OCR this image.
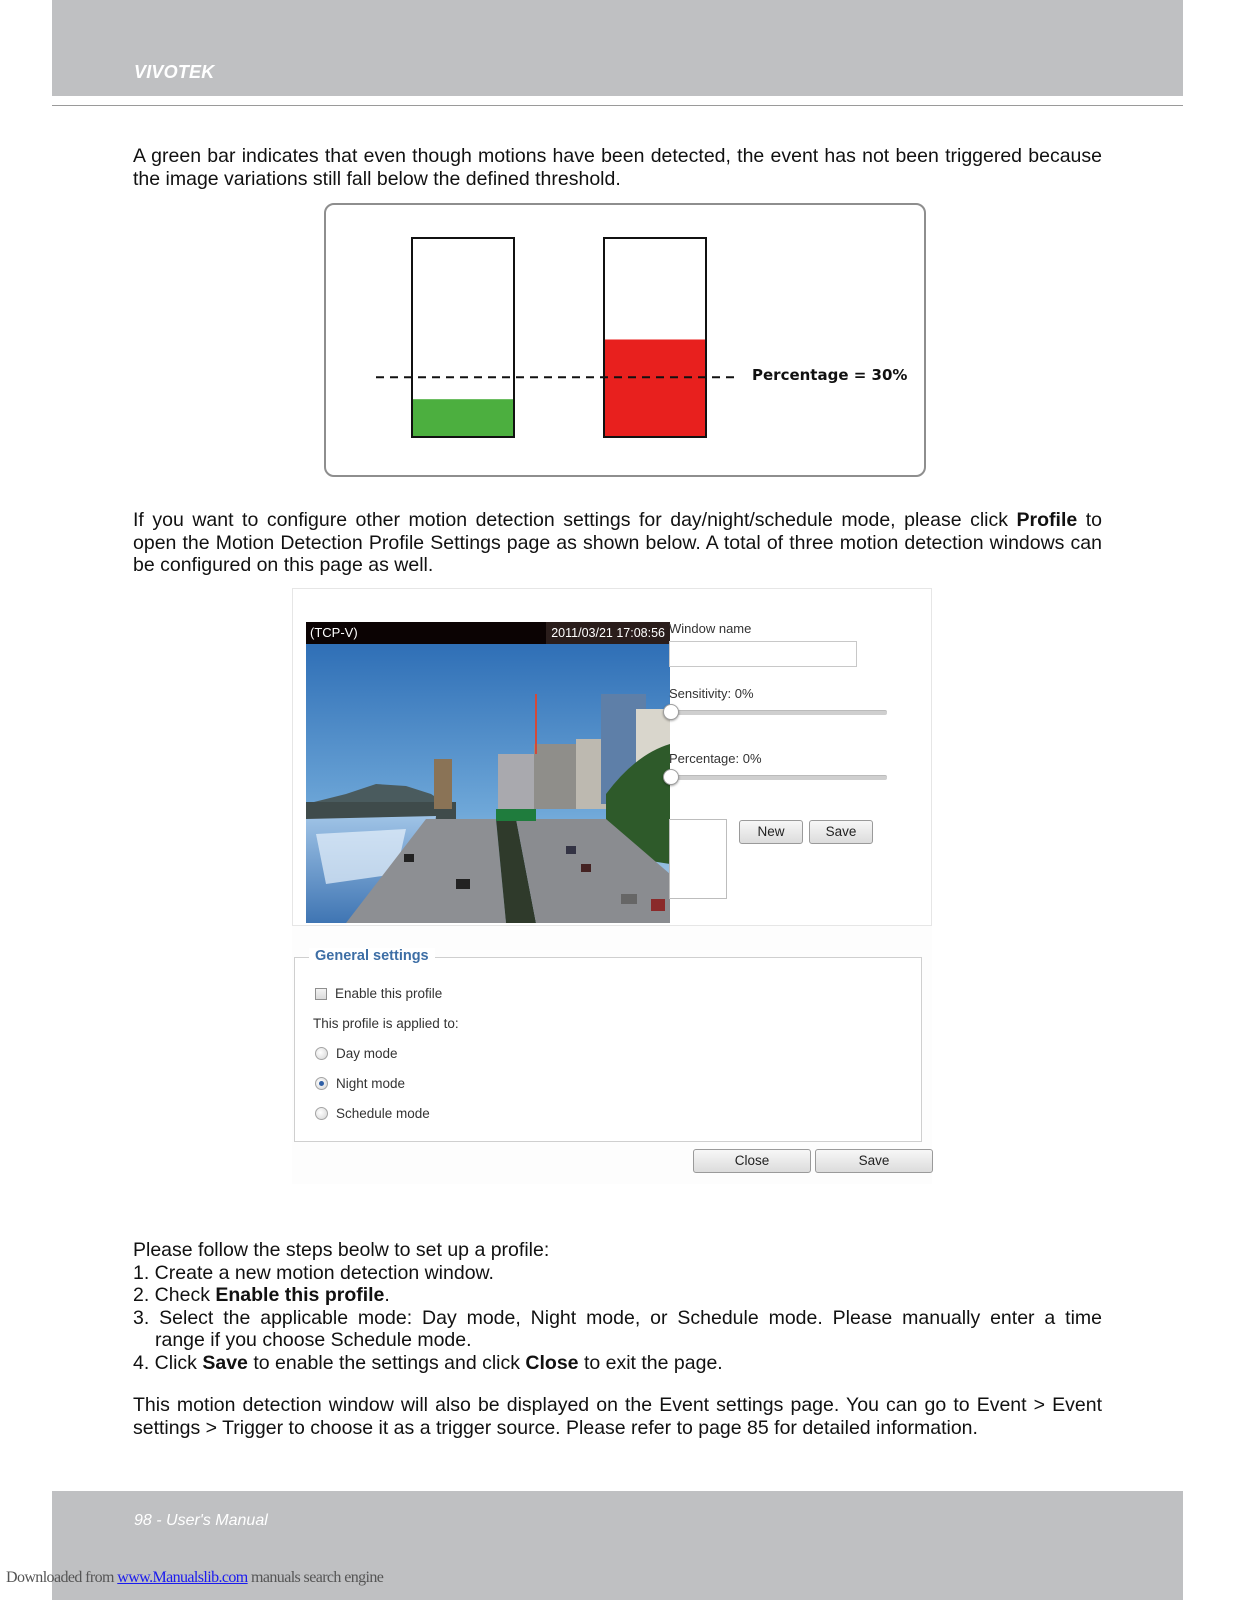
VIVOTEK

A green bar indicates that even though motions have been detected, the event has not been triggered because the image variations still fall below the defined threshold.

Percentage = 30%

If you want to configure other motion detection settings for day/night/schedule mode, please click Profile to open the Motion Detection Profile Settings page as shown below. A total of three motion detection windows can be configured on this page as well.

(TCP-V)	2011/03/21 17:08:56 Window name
Sensitivity: 0%
Percentage: 0%
New	Save
General settings
Enable this profile
This profile is applied to:
Day mode
Night mode
Schedule mode
Close	Save
Please follow the steps beolw to set up a profile:
1. Create a new motion detection window.
2. Check Enable this profile.
3. Select the applicable mode: Day mode, Night mode, or Schedule mode. Please manually enter a time
range if you choose Schedule mode.
4. Click Save to enable the settings and click Close to exit the page.

This motion detection window will also be displayed on the Event settings page. You can go to Event > Event settings > Trigger to choose it as a trigger source. Please refer to page 85 for detailed information.

98 - User's Manual
Downloaded from www.Manualslib.com manuals search engine
